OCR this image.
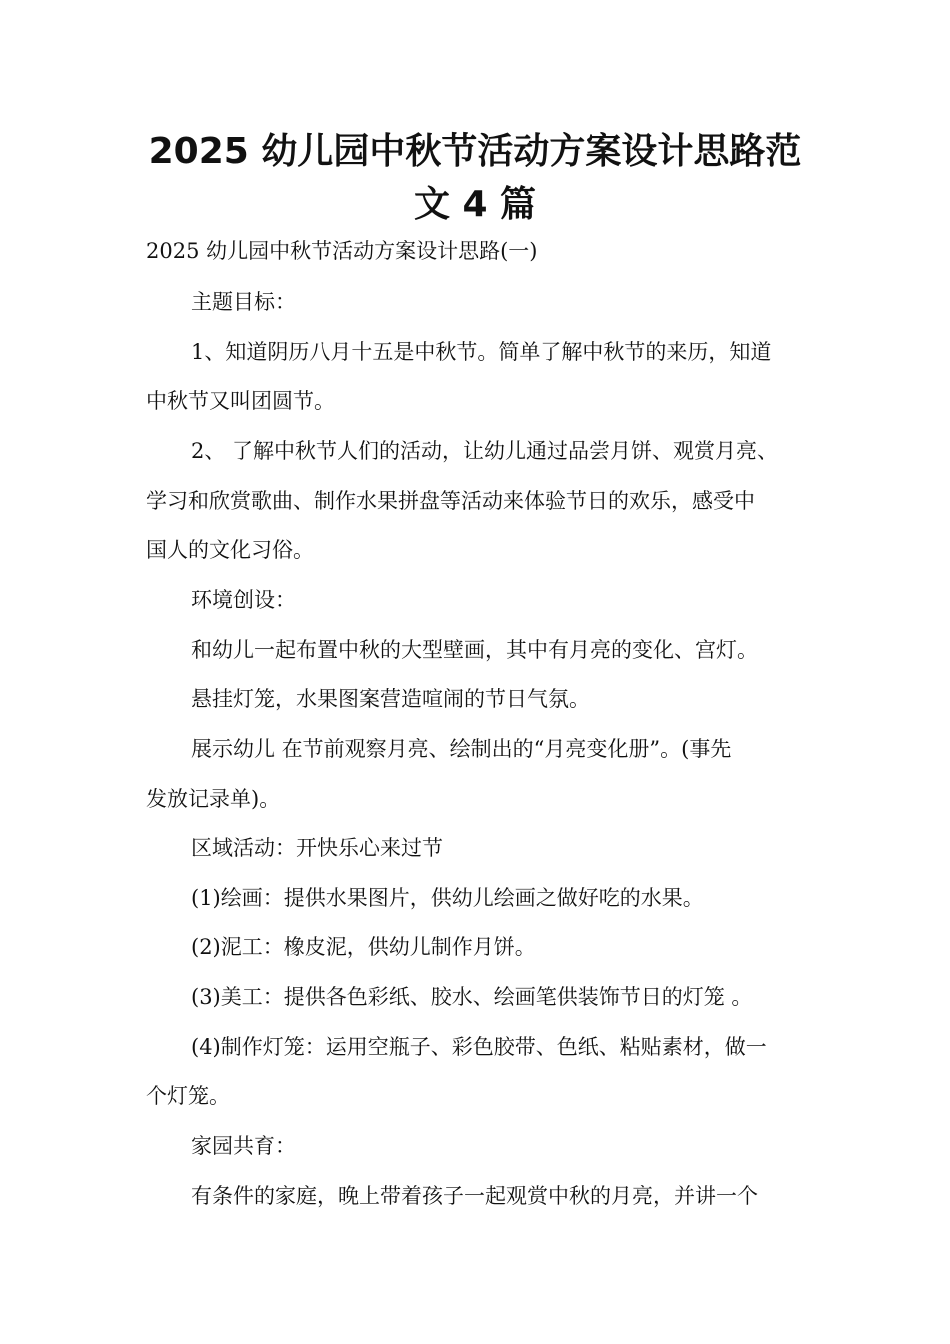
2025 幼儿园中秋节活动方案设计思路范
文 4 篇

2025 幼儿园中秋节活动方案设计思路(一)

主题目标：

1、知道阴历八月十五是中秋节。简单了解中秋节的来历，知道

中秋节又叫团圆节。

2、 了解中秋节人们的活动，让幼儿通过品尝月饼、观赏月亮、

学习和欣赏歌曲、制作水果拼盘等活动来体验节日的欢乐，感受中

国人的文化习俗。

环境创设：

和幼儿一起布置中秋的大型壁画，其中有月亮的变化、宫灯。

悬挂灯笼，水果图案营造喧闹的节日气氛。

展示幼儿 在节前观察月亮、绘制出的“月亮变化册”。(事先

发放记录单)。

区域活动：开快乐心来过节

(1)绘画：提供水果图片，供幼儿绘画之做好吃的水果。

(2)泥工：橡皮泥，供幼儿制作月饼。

(3)美工：提供各色彩纸、胶水、绘画笔供装饰节日的灯笼 。

(4)制作灯笼：运用空瓶子、彩色胶带、色纸、粘贴素材，做一

个灯笼。

家园共育：

有条件的家庭，晚上带着孩子一起观赏中秋的月亮，并讲一个
